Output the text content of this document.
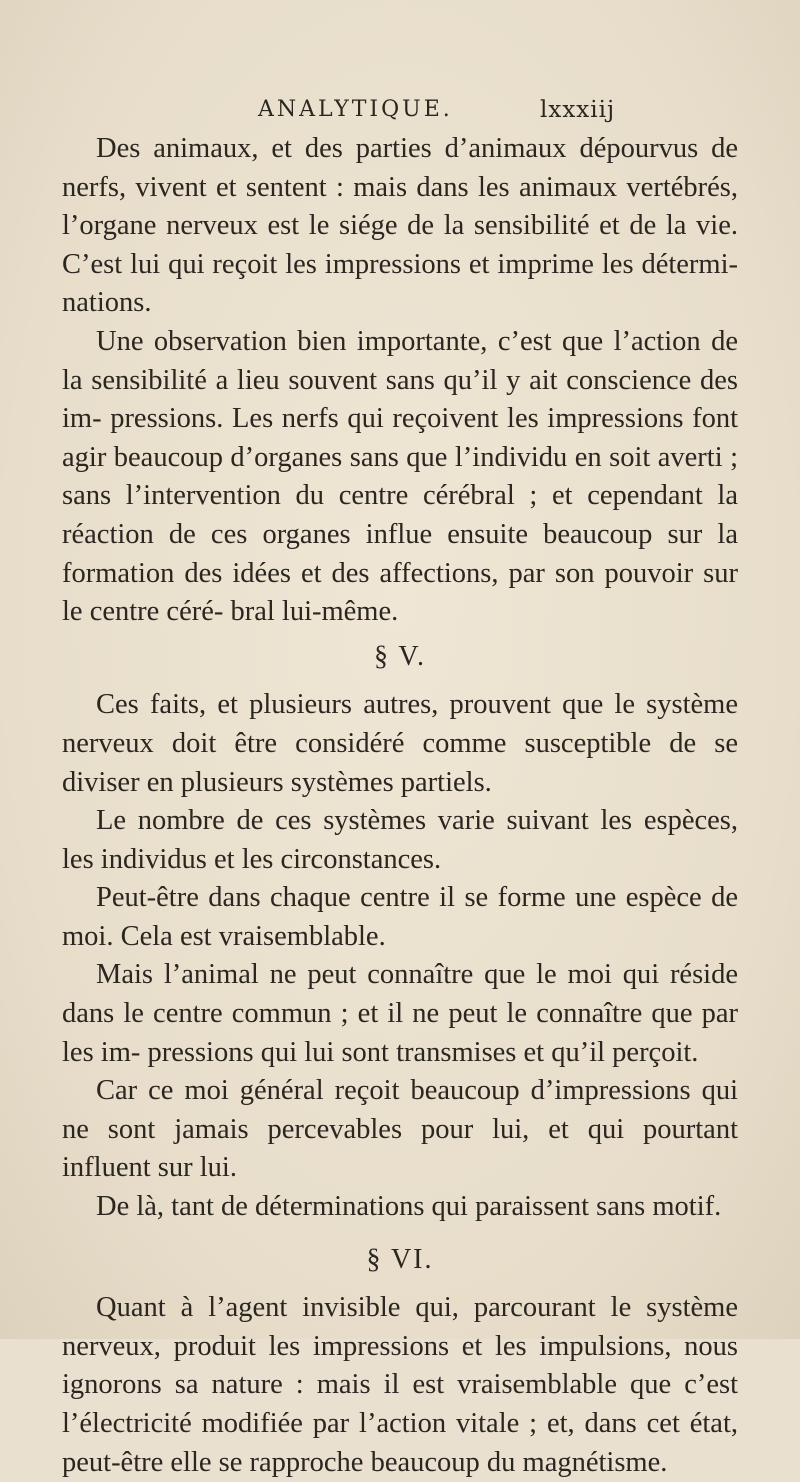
ANALYTIQUE.	lxxxiij

Des animaux, et des parties d’animaux dépourvus de nerfs, vivent et sentent : mais dans les animaux vertébrés, l’organe nerveux est le siége de la sensibilité et de la vie. C’est lui qui reçoit les impressions et imprime les détermi- nations.

Une observation bien importante, c’est que l’action de la sensibilité a lieu souvent sans qu’il y ait conscience des im- pressions. Les nerfs qui reçoivent les impressions font agir beaucoup d’organes sans que l’individu en soit averti ; sans l’intervention du centre cérébral ; et cependant la réaction de ces organes influe ensuite beaucoup sur la formation des idées et des affections, par son pouvoir sur le centre céré- bral lui-même.

§ V.

Ces faits, et plusieurs autres, prouvent que le système nerveux doit être considéré comme susceptible de se diviser en plusieurs systèmes partiels.

Le nombre de ces systèmes varie suivant les espèces, les individus et les circonstances.

Peut-être dans chaque centre il se forme une espèce de moi. Cela est vraisemblable.

Mais l’animal ne peut connaître que le moi qui réside dans le centre commun ; et il ne peut le connaître que par les im- pressions qui lui sont transmises et qu’il perçoit.

Car ce moi général reçoit beaucoup d’impressions qui ne sont jamais percevables pour lui, et qui pourtant influent sur lui.

De là, tant de déterminations qui paraissent sans motif.

§ VI.

Quant à l’agent invisible qui, parcourant le système nerveux, produit les impressions et les impulsions, nous ignorons sa nature : mais il est vraisemblable que c’est l’électricité modifiée par l’action vitale ; et, dans cet état, peut-être elle se rapproche beaucoup du magnétisme.
